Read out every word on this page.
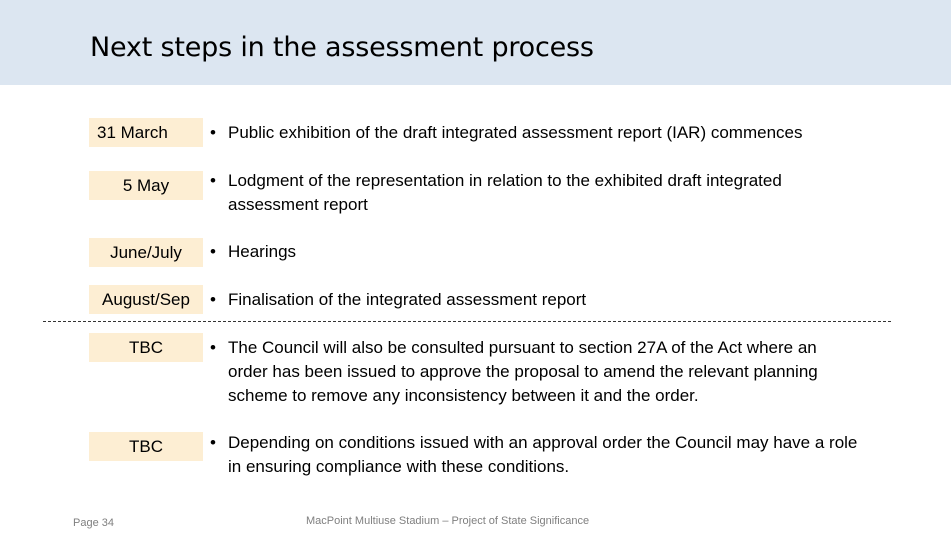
Next steps in the assessment process
31 March	• Public exhibition of the draft integrated assessment report (IAR) commences
5 May	• Lodgment of the representation in relation to the exhibited draft integrated assessment report
June/July	• Hearings
August/Sep	• Finalisation of the integrated assessment report
TBC	• The Council will also be consulted pursuant to section 27A of the Act where an order has been issued to approve the proposal to amend the relevant planning scheme to remove any inconsistency between it and the order.
TBC	• Depending on conditions issued with an approval order the Council may have a role in ensuring compliance with these conditions.
Page 34	MacPoint Multiuse Stadium – Project of State Significance
